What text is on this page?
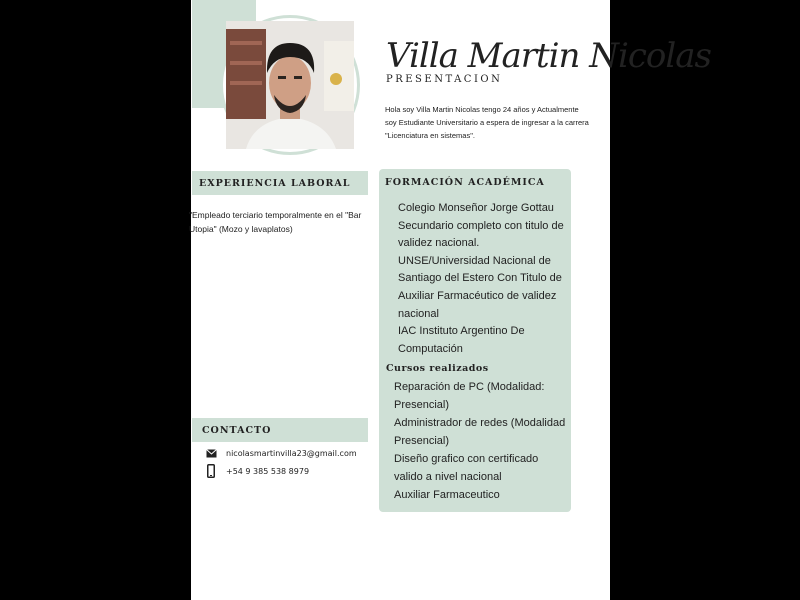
Villa Martin Nicolas
PRESENTACION
Hola soy Villa Martin Nicolas tengo 24 años y Actualmente soy Estudiante Universitario a espera de ingresar a la carrera "Licenciatura en sistemas".
EXPERIENCIA LABORAL
"Empleado terciario temporalmente en el "Bar Utopia" (Mozo y lavaplatos)
CONTACTO
nicolasmartinvilla23@gmail.com
+54 9 385 538 8979
FORMACIÓN ACADÉMICA
Colegio Monseñor Jorge Gottau Secundario completo con titulo de validez nacional.
UNSE/Universidad Nacional de Santiago del Estero Con Titulo de Auxiliar Farmacéutico de validez nacional
IAC Instituto Argentino De Computación
Cursos realizados
Reparación de PC (Modalidad: Presencial)
Administrador de redes (Modalidad Presencial)
Diseño grafico con certificado valido a nivel nacional
Auxiliar Farmaceutico
